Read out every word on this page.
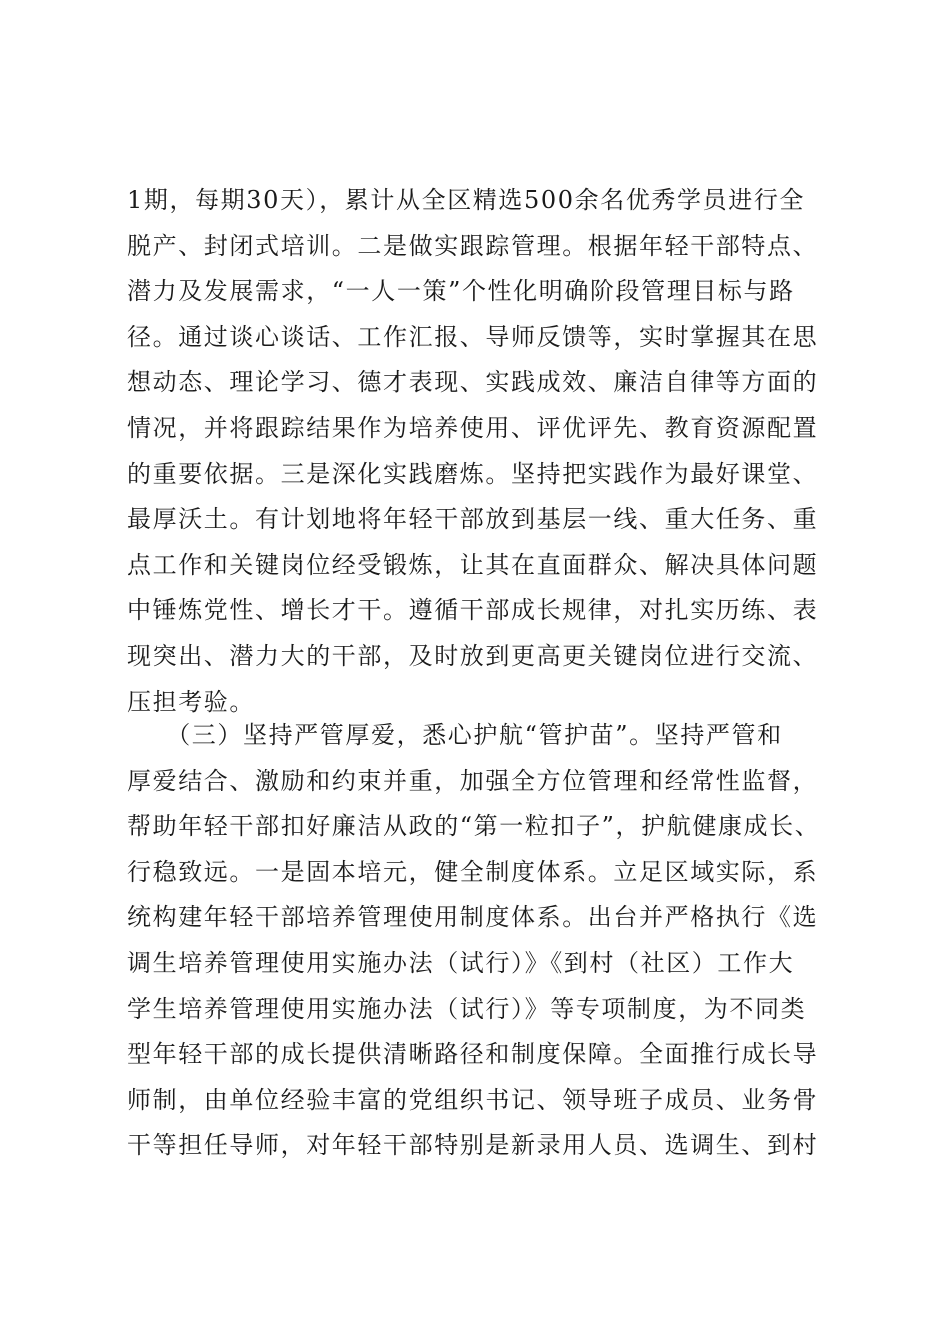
1期，每期30天），累计从全区精选500余名优秀学员进行全
脱产、封闭式培训。二是做实跟踪管理。根据年轻干部特点、
潜力及发展需求，“一人一策”个性化明确阶段管理目标与路
径。通过谈心谈话、工作汇报、导师反馈等，实时掌握其在思
想动态、理论学习、德才表现、实践成效、廉洁自律等方面的
情况，并将跟踪结果作为培养使用、评优评先、教育资源配置
的重要依据。三是深化实践磨炼。坚持把实践作为最好课堂、
最厚沃土。有计划地将年轻干部放到基层一线、重大任务、重
点工作和关键岗位经受锻炼，让其在直面群众、解决具体问题
中锤炼党性、增长才干。遵循干部成长规律，对扎实历练、表
现突出、潜力大的干部，及时放到更高更关键岗位进行交流、
压担考验。
　　（三）坚持严管厚爱，悉心护航“管护苗”。坚持严管和
厚爱结合、激励和约束并重，加强全方位管理和经常性监督，
帮助年轻干部扣好廉洁从政的“第一粒扣子”，护航健康成长、
行稳致远。一是固本培元，健全制度体系。立足区域实际，系
统构建年轻干部培养管理使用制度体系。出台并严格执行《选
调生培养管理使用实施办法（试行）》《到村（社区）工作大
学生培养管理使用实施办法（试行）》等专项制度，为不同类
型年轻干部的成长提供清晰路径和制度保障。全面推行成长导
师制，由单位经验丰富的党组织书记、领导班子成员、业务骨
干等担任导师，对年轻干部特别是新录用人员、选调生、到村
